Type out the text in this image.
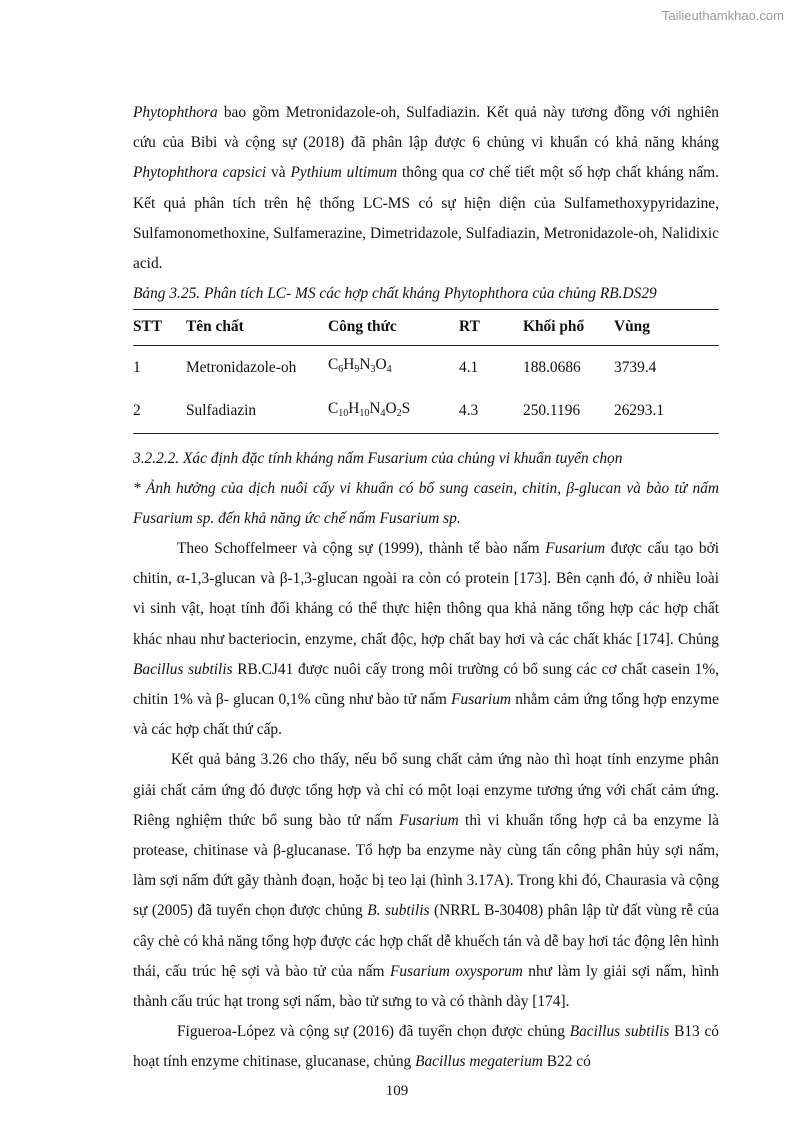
Tailieuthamkhao.com

Phytophthora bao gồm Metronidazole-oh, Sulfadiazin. Kết quả này tương đồng với nghiên cứu của Bibi và cộng sự (2018) đã phân lập được 6 chủng vi khuẩn có khả năng kháng Phytophthora capsici và Pythium ultimum thông qua cơ chế tiết một số hợp chất kháng nấm. Kết quả phân tích trên hệ thống LC-MS có sự hiện diện của Sulfamethoxypyridazine, Sulfamonomethoxine, Sulfamerazine, Dimetridazole, Sulfadiazin, Metronidazole-oh, Nalidixic acid.

Bảng 3.25. Phân tích LC- MS các hợp chất kháng Phytophthora của chủng RB.DS29

STT	Tên chất	Công thức	RT	Khối phổ	Vùng
1	Metronidazole-oh	$C_6H_9N_3O_4$	4.1	188.0686	3739.4
2	Sulfadiazin	$C_{10}H_{10}N_4O_2S$	4.3	250.1196	26293.1

3.2.2.2. Xác định đặc tính kháng nấm Fusarium của chủng vi khuẩn tuyển chọn

* Ảnh hưởng của dịch nuôi cấy vi khuẩn có bổ sung casein, chitin, β-glucan và bào tử nấm Fusarium sp. đến khả năng ức chế nấm Fusarium sp.

Theo Schoffelmeer và cộng sự (1999), thành tế bào nấm Fusarium được cấu tạo bởi chitin, α-1,3-glucan và β-1,3-glucan ngoài ra còn có protein [173]. Bên cạnh đó, ở nhiều loài vi sinh vật, hoạt tính đối kháng có thể thực hiện thông qua khả năng tổng hợp các hợp chất khác nhau như bacteriocin, enzyme, chất độc, hợp chất bay hơi và các chất khác [174]. Chủng Bacillus subtilis RB.CJ41 được nuôi cấy trong môi trường có bổ sung các cơ chất casein 1%, chitin 1% và β- glucan 0,1% cũng như bào tử nấm Fusarium nhằm cảm ứng tổng hợp enzyme và các hợp chất thứ cấp.

Kết quả bảng 3.26 cho thấy, nếu bổ sung chất cảm ứng nào thì hoạt tính enzyme phân giải chất cảm ứng đó được tổng hợp và chỉ có một loại enzyme tương ứng với chất cảm ứng. Riêng nghiệm thức bổ sung bào tử nấm Fusarium thì vi khuẩn tổng hợp cả ba enzyme là protease, chitinase và β-glucanase. Tổ hợp ba enzyme này cùng tấn công phân hủy sợi nấm, làm sợi nấm đứt gãy thành đoạn, hoặc bị teo lại (hình 3.17A). Trong khi đó, Chaurasia và cộng sự (2005) đã tuyển chọn được chủng B. subtilis (NRRL B-30408) phân lập từ đất vùng rễ của cây chè có khả năng tổng hợp được các hợp chất dễ khuếch tán và dễ bay hơi tác động lên hình thái, cấu trúc hệ sợi và bào tử của nấm Fusarium oxysporum như làm ly giải sợi nấm, hình thành cấu trúc hạt trong sợi nấm, bào tử sưng to và có thành dày [174].

Figueroa-López và cộng sự (2016) đã tuyển chọn được chủng Bacillus subtilis B13 có hoạt tính enzyme chitinase, glucanase, chủng Bacillus megaterium B22 có

109
